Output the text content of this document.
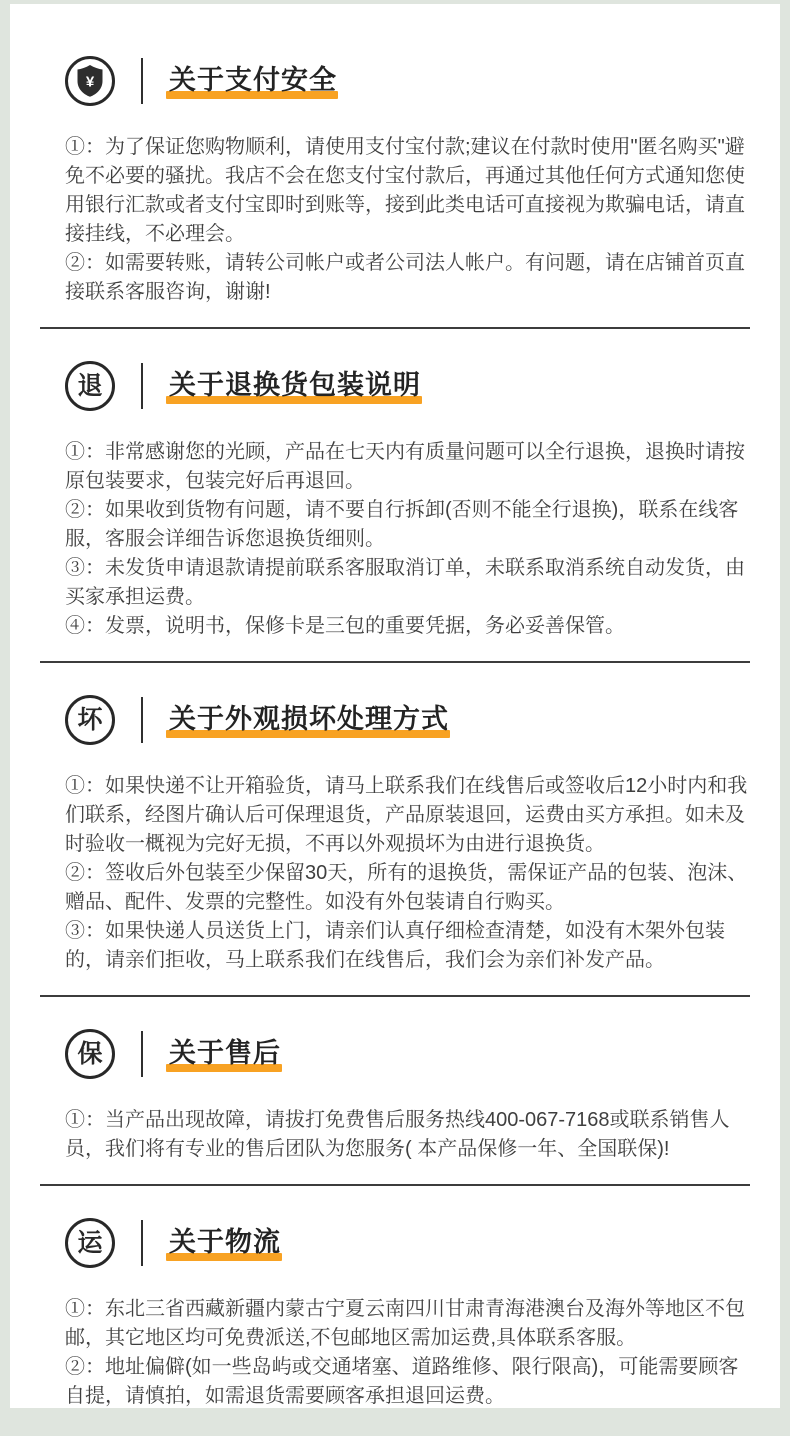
¥	关于支付安全

①：为了保证您购物顺利，请使用支付宝付款;建议在付款时使用"匿名购买"避免不必要的骚扰。我店不会在您支付宝付款后，再通过其他任何方式通知您使用银行汇款或者支付宝即时到账等，接到此类电话可直接视为欺骗电话，请直接挂线，不必理会。

②：如需要转账，请转公司帐户或者公司法人帐户。有问题，请在店铺首页直接联系客服咨询，谢谢!

退 关于退换货包装说明

①：非常感谢您的光顾，产品在七天内有质量问题可以全行退换，退换时请按原包装要求，包装完好后再退回。

②：如果收到货物有问题，请不要自行拆卸(否则不能全行退换)，联系在线客服，客服会详细告诉您退换货细则。

③：未发货申请退款请提前联系客服取消订单，未联系取消系统自动发货，由买家承担运费。

④：发票，说明书，保修卡是三包的重要凭据，务必妥善保管。

坏 关于外观损坏处理方式

①：如果快递不让开箱验货，请马上联系我们在线售后或签收后12小时内和我们联系，经图片确认后可保理退货，产品原装退回，运费由买方承担。如未及时验收一概视为完好无损，不再以外观损坏为由进行退换货。

②：签收后外包装至少保留30天，所有的退换货，需保证产品的包装、泡沫、赠品、配件、发票的完整性。如没有外包装请自行购买。

③：如果快递人员送货上门，请亲们认真仔细检查清楚，如没有木架外包装的，请亲们拒收，马上联系我们在线售后，我们会为亲们补发产品。

保 关于售后

①：当产品出现故障，请拔打免费售后服务热线400-067-7168或联系销售人员，我们将有专业的售后团队为您服务( 本产品保修一年、全国联保)!

运 关于物流

①：东北三省西藏新疆内蒙古宁夏云南四川甘肃青海港澳台及海外等地区不包邮，其它地区均可免费派送,不包邮地区需加运费,具体联系客服。

②：地址偏僻(如一些岛屿或交通堵塞、道路维修、限行限高)，可能需要顾客自提，请慎拍，如需退货需要顾客承担退回运费。
